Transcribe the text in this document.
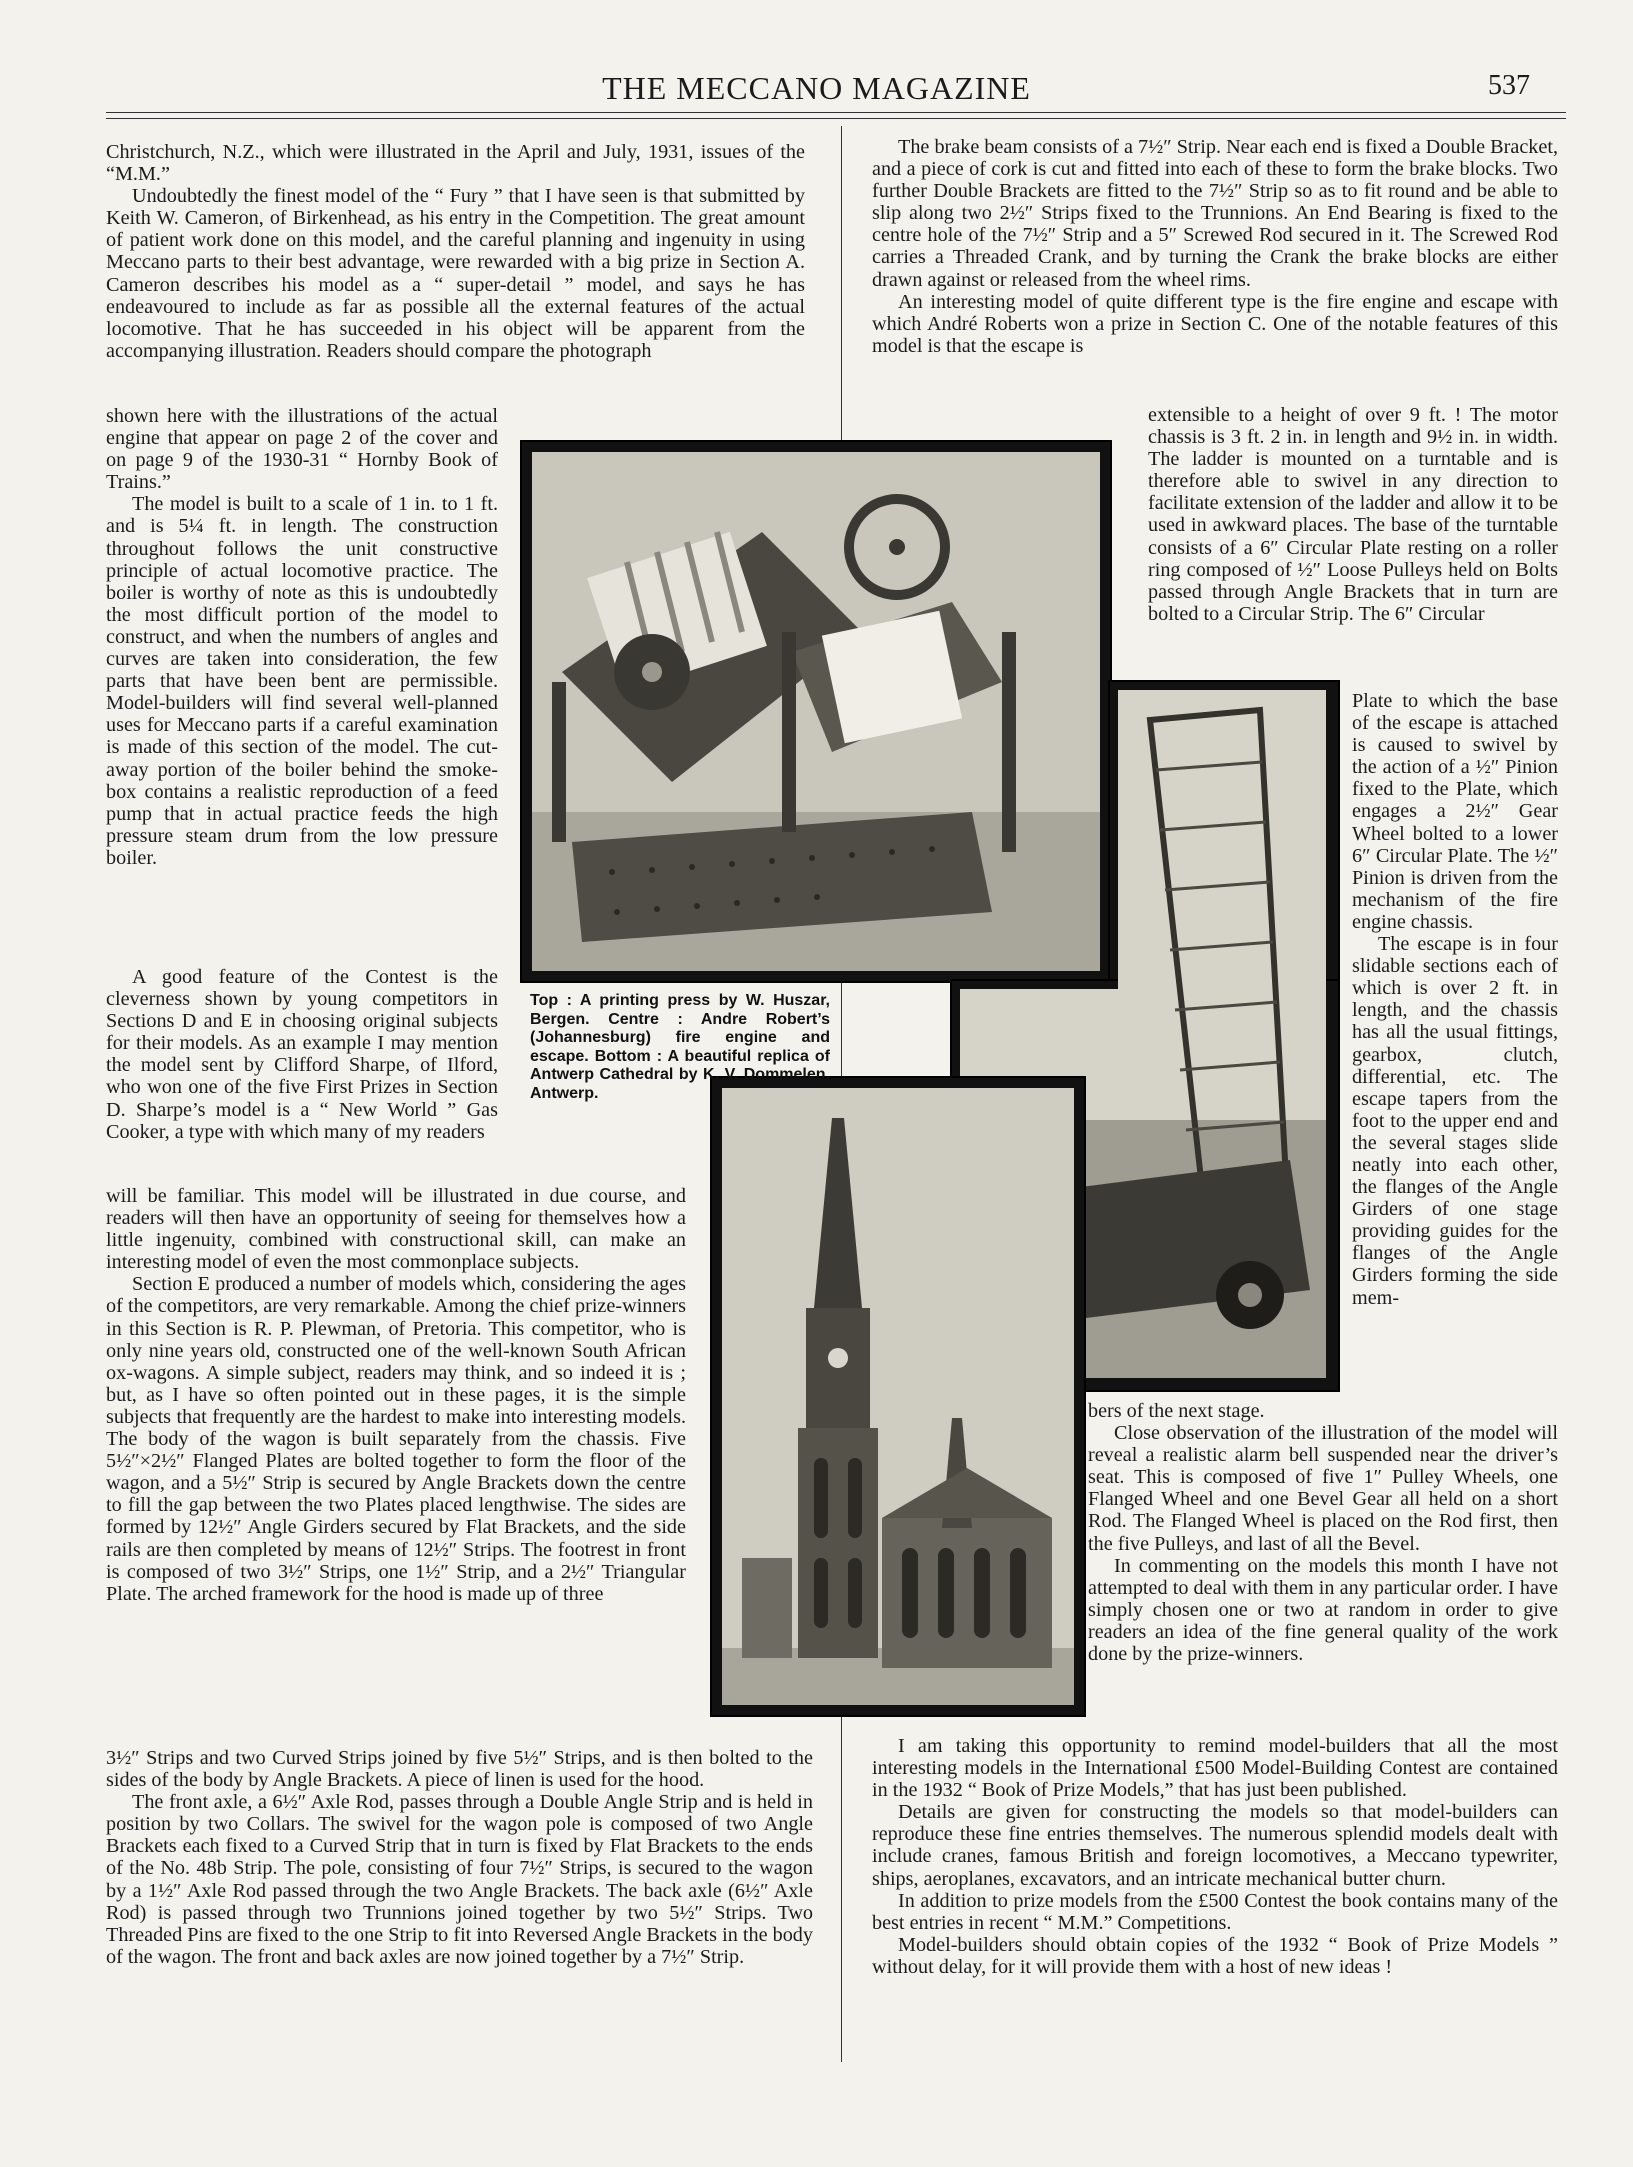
THE MECCANO MAGAZINE	537

Christchurch, N.Z., which were illustrated in the April and July, 1931, issues of the “M.M.”

Undoubtedly the finest model of the “ Fury ” that I have seen is that submitted by Keith W. Cameron, of Birkenhead, as his entry in the Competition. The great amount of patient work done on this model, and the careful planning and ingenuity in using Meccano parts to their best advantage, were rewarded with a big prize in Section A. Cameron describes his model as a “ super-detail ” model, and says he has endeavoured to include as far as possible all the external features of the actual locomotive. That he has succeeded in his object will be apparent from the accompanying illustration. Readers should compare the photograph

shown here with the illustrations of the actual engine that appear on page 2 of the cover and on page 9 of the 1930-31 “ Hornby Book of Trains.”

The model is built to a scale of 1 in. to 1 ft. and is 5¼ ft. in length. The construction throughout follows the unit constructive principle of actual locomotive practice. The boiler is worthy of note as this is undoubtedly the most difficult portion of the model to construct, and when the numbers of angles and curves are taken into consideration, the few parts that have been bent are permissible. Model-builders will find several well-planned uses for Meccano parts if a careful examination is made of this section of the model. The cut-away portion of the boiler behind the smoke-box contains a realistic reproduction of a feed pump that in actual practice feeds the high pressure steam drum from the low pressure boiler.

A good feature of the Contest is the cleverness shown by young competitors in Sections D and E in choosing original subjects for their models. As an example I may mention the model sent by Clifford Sharpe, of Ilford, who won one of the five First Prizes in Section D. Sharpe’s model is a “ New World ” Gas Cooker, a type with which many of my readers

will be familiar. This model will be illustrated in due course, and readers will then have an opportunity of seeing for themselves how a little ingenuity, combined with constructional skill, can make an interesting model of even the most commonplace subjects.

Section E produced a number of models which, considering the ages of the competitors, are very remarkable. Among the chief prize-winners in this Section is R. P. Plewman, of Pretoria. This competitor, who is only nine years old, constructed one of the well-known South African ox-wagons. A simple subject, readers may think, and so indeed it is ; but, as I have so often pointed out in these pages, it is the simple subjects that frequently are the hardest to make into interesting models. The body of the wagon is built separately from the chassis. Five 5½″×2½″ Flanged Plates are bolted together to form the floor of the wagon, and a 5½″ Strip is secured by Angle Brackets down the centre to fill the gap between the two Plates placed lengthwise. The sides are formed by 12½″ Angle Girders secured by Flat Brackets, and the side rails are then completed by means of 12½″ Strips. The footrest in front is composed of two 3½″ Strips, one 1½″ Strip, and a 2½″ Triangular Plate. The arched framework for the hood is made up of three

3½″ Strips and two Curved Strips joined by five 5½″ Strips, and is then bolted to the sides of the body by Angle Brackets. A piece of linen is used for the hood.

The front axle, a 6½″ Axle Rod, passes through a Double Angle Strip and is held in position by two Collars. The swivel for the wagon pole is composed of two Angle Brackets each fixed to a Curved Strip that in turn is fixed by Flat Brackets to the ends of the No. 48b Strip. The pole, consisting of four 7½″ Strips, is secured to the wagon by a 1½″ Axle Rod passed through the two Angle Brackets. The back axle (6½″ Axle Rod) is passed through two Trunnions joined together by two 5½″ Strips. Two Threaded Pins are fixed to the one Strip to fit into Reversed Angle Brackets in the body of the wagon. The front and back axles are now joined together by a 7½″ Strip.

The brake beam consists of a 7½″ Strip. Near each end is fixed a Double Bracket, and a piece of cork is cut and fitted into each of these to form the brake blocks. Two further Double Brackets are fitted to the 7½″ Strip so as to fit round and be able to slip along two 2½″ Strips fixed to the Trunnions. An End Bearing is fixed to the centre hole of the 7½″ Strip and a 5″ Screwed Rod secured in it. The Screwed Rod carries a Threaded Crank, and by turning the Crank the brake blocks are either drawn against or released from the wheel rims.

An interesting model of quite different type is the fire engine and escape with which André Roberts won a prize in Section C. One of the notable features of this model is that the escape is

extensible to a height of over 9 ft. ! The motor chassis is 3 ft. 2 in. in length and 9½ in. in width. The ladder is mounted on a turntable and is therefore able to swivel in any direction to facilitate extension of the ladder and allow it to be used in awkward places. The base of the turntable consists of a 6″ Circular Plate resting on a roller ring composed of ½″ Loose Pulleys held on Bolts passed through Angle Brackets that in turn are bolted to a Circular Strip. The 6″ Circular

Plate to which the base of the escape is attached is caused to swivel by the action of a ½″ Pinion fixed to the Plate, which engages a 2½″ Gear Wheel bolted to a lower 6″ Circular Plate. The ½″ Pinion is driven from the mechanism of the fire engine chassis.

The escape is in four slidable sections each of which is over 2 ft. in length, and the chassis has all the usual fittings, gearbox, clutch, differential, etc. The escape tapers from the foot to the upper end and the several stages slide neatly into each other, the flanges of the Angle Girders of one stage providing guides for the flanges of the Angle Girders forming the side mem-

bers of the next stage.

Close observation of the illustration of the model will reveal a realistic alarm bell suspended near the driver’s seat. This is composed of five 1″ Pulley Wheels, one Flanged Wheel and one Bevel Gear all held on a short Rod. The Flanged Wheel is placed on the Rod first, then the five Pulleys, and last of all the Bevel.

In commenting on the models this month I have not attempted to deal with them in any particular order. I have simply chosen one or two at random in order to give readers an idea of the fine general quality of the work done by the prize-winners.

I am taking this opportunity to remind model-builders that all the most interesting models in the International £500 Model-Building Contest are contained in the 1932 “ Book of Prize Models,” that has just been published.

Details are given for constructing the models so that model-builders can reproduce these fine entries themselves. The numerous splendid models dealt with include cranes, famous British and foreign locomotives, a Meccano typewriter, ships, aeroplanes, excavators, and an intricate mechanical butter churn.

In addition to prize models from the £500 Contest the book contains many of the best entries in recent “ M.M.” Competitions.

Model-builders should obtain copies of the 1932 “ Book of Prize Models ” without delay, for it will provide them with a host of new ideas !

Top : A printing press by W. Huszar, Bergen. Centre : Andre Robert’s (Johannesburg) fire engine and escape. Bottom : A beautiful replica of Antwerp Cathedral by K. V. Dommelen, Antwerp.
